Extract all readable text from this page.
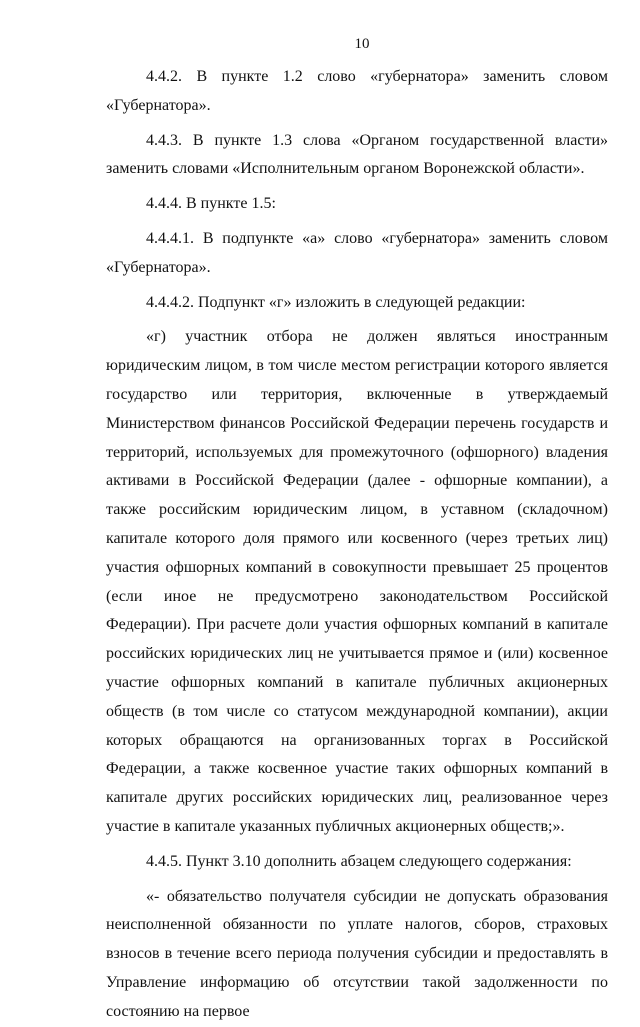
10

4.4.2. В пункте 1.2 слово «губернатора» заменить словом «Губернатора».

4.4.3. В пункте 1.3 слова «Органом государственной власти» заменить словами «Исполнительным органом Воронежской области».

4.4.4. В пункте 1.5:

4.4.4.1. В подпункте «а» слово «губернатора» заменить словом «Губернатора».

4.4.4.2. Подпункт «г» изложить в следующей редакции:

«г) участник отбора не должен являться иностранным юридическим лицом, в том числе местом регистрации которого является государство или территория, включенные в утверждаемый Министерством финансов Российской Федерации перечень государств и территорий, используемых для промежуточного (офшорного) владения активами в Российской Федерации (далее - офшорные компании), а также российским юридическим лицом, в уставном (складочном) капитале которого доля прямого или косвенного (через третьих лиц) участия офшорных компаний в совокупности превышает 25 процентов (если иное не предусмотрено законодательством Российской Федерации). При расчете доли участия офшорных компаний в капитале российских юридических лиц не учитывается прямое и (или) косвенное участие офшорных компаний в капитале публичных акционерных обществ (в том числе со статусом международной компании), акции которых обращаются на организованных торгах в Российской Федерации, а также косвенное участие таких офшорных компаний в капитале других российских юридических лиц, реализованное через участие в капитале указанных публичных акционерных обществ;».

4.4.5. Пункт 3.10 дополнить абзацем следующего содержания:

«- обязательство получателя субсидии не допускать образования неисполненной обязанности по уплате налогов, сборов, страховых взносов в течение всего периода получения субсидии и предоставлять в Управление информацию об отсутствии такой задолженности по состоянию на первое
